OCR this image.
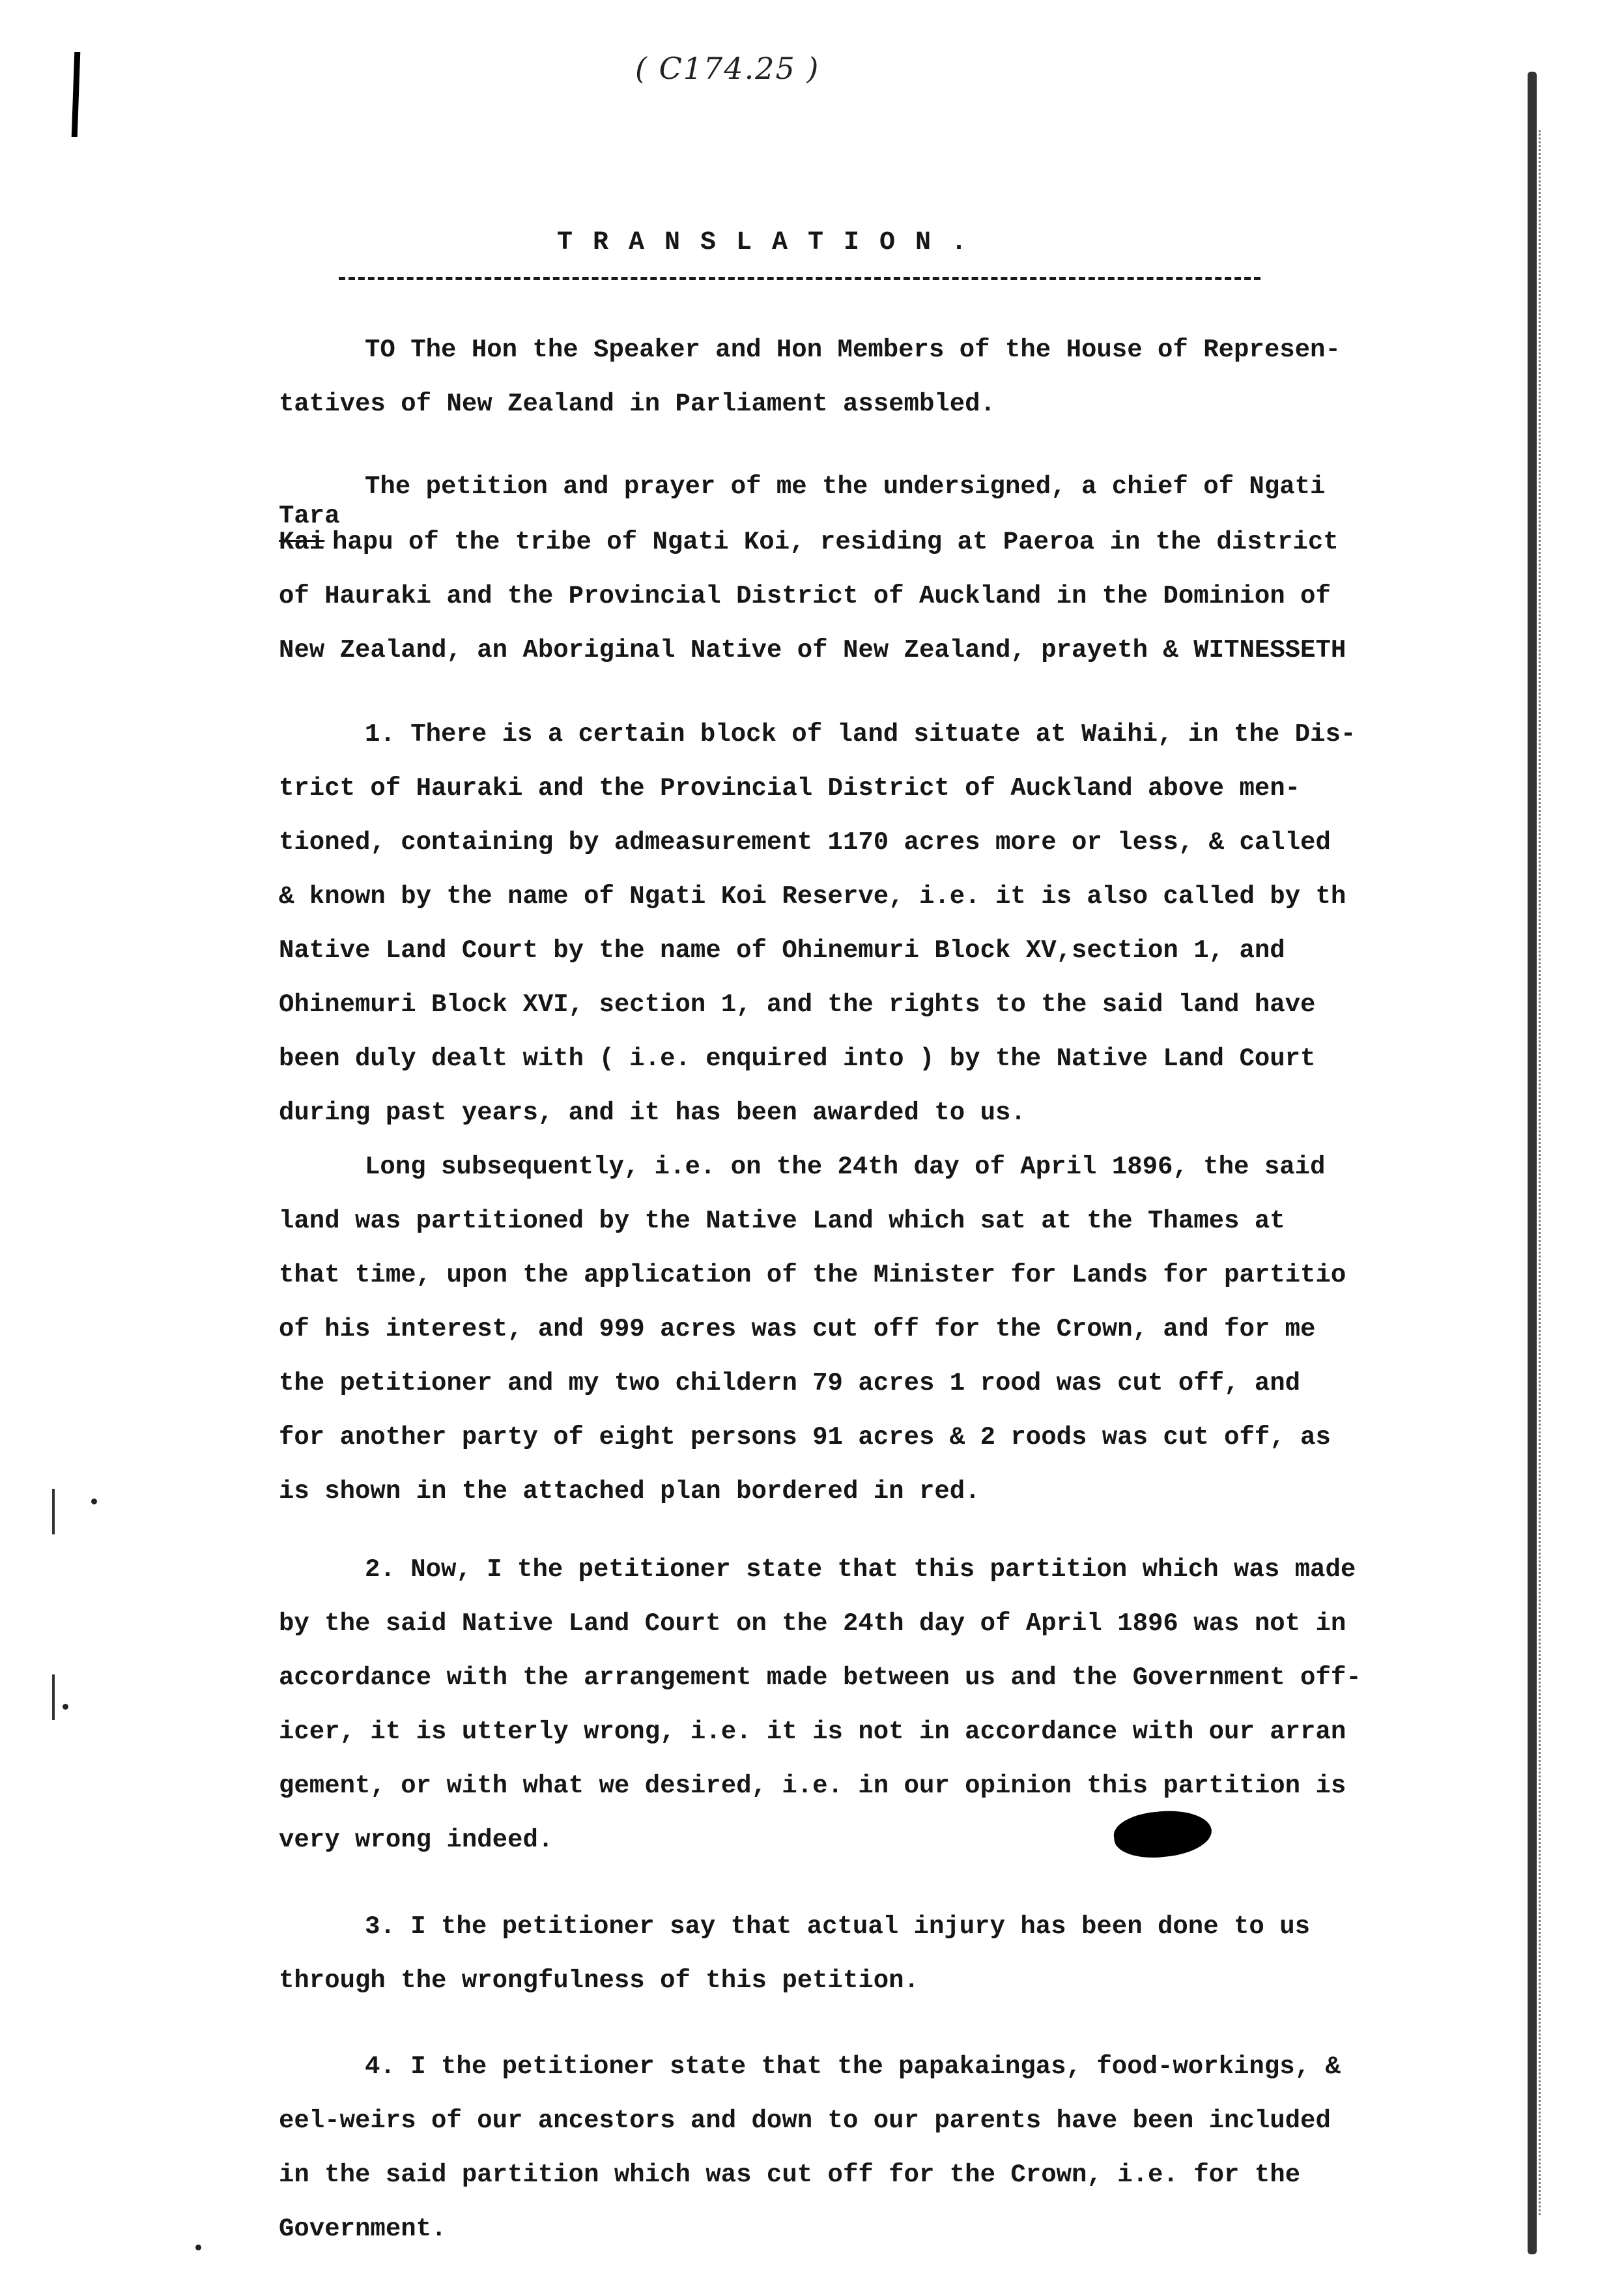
( C174.25 )
TRANSLATION.
Tara
Kai
TO The Hon the Speaker and Hon Members of the House of Represen-
tatives of New Zealand in Parliament assembled.
The petition and prayer of me the undersigned, a chief of Ngati
hapu of the tribe of Ngati Koi, residing at Paeroa in the district
of Hauraki and the Provincial District of Auckland in the Dominion of
New Zealand, an Aboriginal Native of New Zealand, prayeth & WITNESSETH
1. There is a certain block of land situate at Waihi, in the Dis-
trict of Hauraki and the Provincial District of Auckland above men-
tioned, containing by admeasurement 1170 acres more or less, & called
& known by the name of Ngati Koi Reserve, i.e. it is also called by th
Native Land Court by the name of Ohinemuri Block XV,section 1, and
Ohinemuri Block XVI, section 1, and the rights to the said land have
been duly dealt with ( i.e. enquired into ) by the Native Land Court
during past years, and it has been awarded to us.
Long subsequently, i.e. on the 24th day of April 1896, the said
land was partitioned by the Native Land which sat at the Thames at
that time, upon the application of the Minister for Lands for partitio
of his interest, and 999 acres was cut off for the Crown, and for me
the petitioner and my two childern 79 acres 1 rood was cut off, and
for another party of eight persons 91 acres & 2 roods was cut off, as
is shown in the attached plan bordered in red.
2. Now, I the petitioner state that this partition which was made
by the said Native Land Court on the 24th day of April 1896 was not in
accordance with the arrangement made between us and the Government off-
icer, it is utterly wrong, i.e. it is not in accordance with our arran
gement, or with what we desired, i.e. in our opinion this partition is
very wrong indeed.
3. I the petitioner say that actual injury has been done to us
through the wrongfulness of this petition.
4. I the petitioner state that the papakaingas, food-workings, &
eel-weirs of our ancestors and down to our parents have been included
in the said partition which was cut off for the Crown, i.e. for the
Government.
